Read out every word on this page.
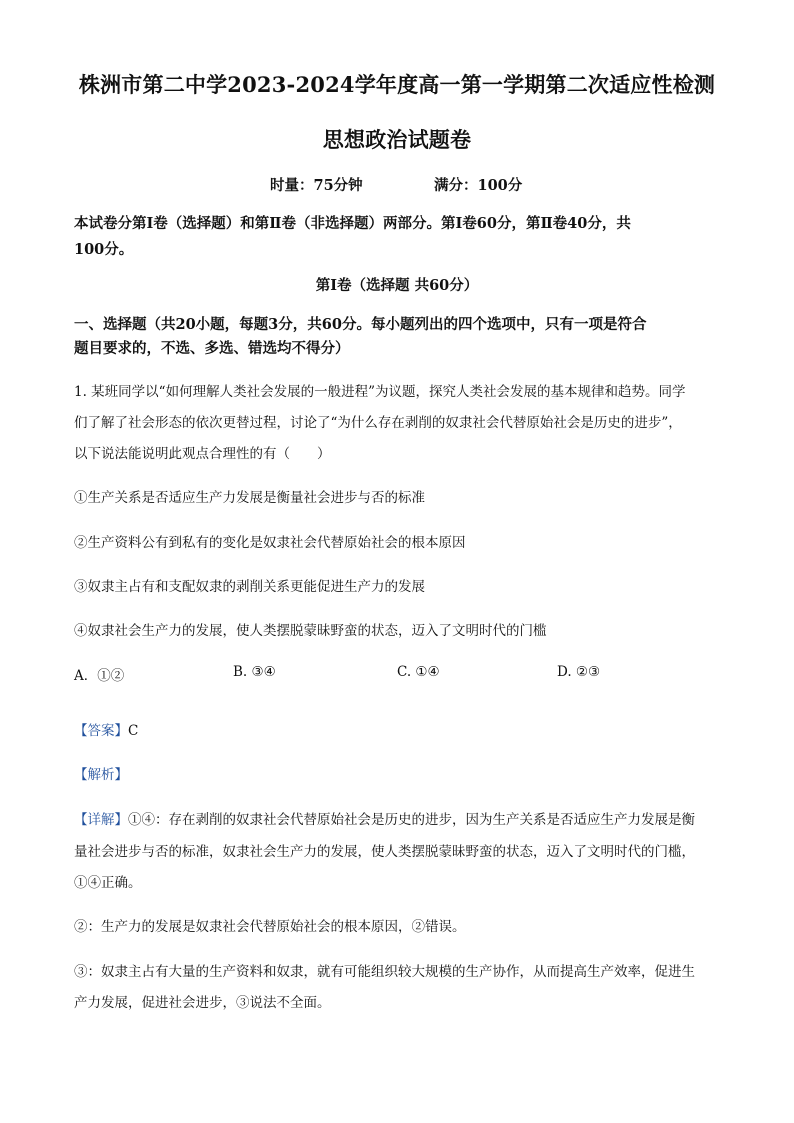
株洲市第二中学2023-2024学年度高一第一学期第二次适应性检测
思想政治试题卷
时量：75分钟	满分：100分
本试卷分第Ⅰ卷（选择题）和第Ⅱ卷（非选择题）两部分。第Ⅰ卷60分，第Ⅱ卷40分，共
100分。
第Ⅰ卷（选择题 共60分）
一、选择题（共20小题，每题3分，共60分。每小题列出的四个选项中，只有一项是符合
题目要求的，不选、多选、错选均不得分）
1. 某班同学以“如何理解人类社会发展的一般进程”为议题，探究人类社会发展的基本规律和趋势。同学
们了解了社会形态的依次更替过程，讨论了“为什么存在剥削的奴隶社会代替原始社会是历史的进步”，
以下说法能说明此观点合理性的有（　　）
①生产关系是否适应生产力发展是衡量社会进步与否的标准
②生产资料公有到私有的变化是奴隶社会代替原始社会的根本原因
③奴隶主占有和支配奴隶的剥削关系更能促进生产力的发展
④奴隶社会生产力的发展，使人类摆脱蒙昧野蛮的状态，迈入了文明时代的门槛
A．①②	B. ③④	C. ①④	D. ②③
【答案】C
【解析】
【详解】①④：存在剥削的奴隶社会代替原始社会是历史的进步，因为生产关系是否适应生产力发展是衡
量社会进步与否的标准，奴隶社会生产力的发展，使人类摆脱蒙昧野蛮的状态，迈入了文明时代的门槛，
①④正确。
②：生产力的发展是奴隶社会代替原始社会的根本原因，②错误。
③：奴隶主占有大量的生产资料和奴隶，就有可能组织较大规模的生产协作，从而提高生产效率，促进生
产力发展，促进社会进步，③说法不全面。
